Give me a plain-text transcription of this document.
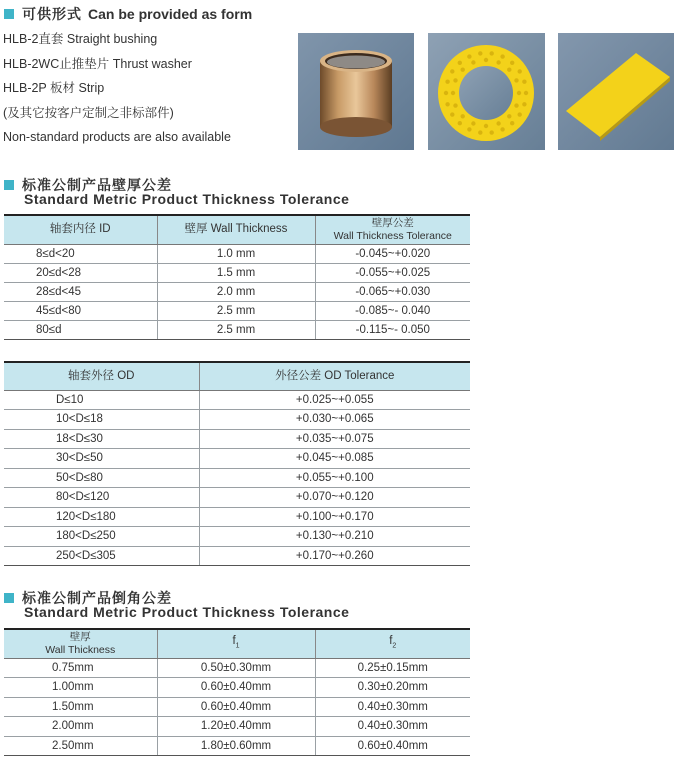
可供形式 Can be provided as form
HLB-2直套 Straight bushing
HLB-2WC止推垫片 Thrust washer
HLB-2P 板材 Strip
(及其它按客户定制之非标部件)
Non-standard products are also available
标准公制产品壁厚公差
Standard Metric Product Thickness Tolerance
轴套内径 ID	壁厚 Wall Thickness	壁厚公差
Wall Thickness Tolerance

8≤d<20	1.0 mm	-0.045~+0.020
20≤d<28	1.5 mm	-0.055~+0.025
28≤d<45	2.0 mm	-0.065~+0.030
45≤d<80	2.5 mm	-0.085~- 0.040
80≤d	2.5 mm	-0.115~- 0.050
轴套外径 OD	外径公差 OD Tolerance
D≤10	+0.025~+0.055
10<D≤18	+0.030~+0.065
18<D≤30	+0.035~+0.075
30<D≤50	+0.045~+0.085
50<D≤80	+0.055~+0.100
80<D≤120	+0.070~+0.120
120<D≤180	+0.100~+0.170
180<D≤250	+0.130~+0.210
250<D≤305	+0.170~+0.260
标准公制产品倒角公差
Standard Metric Product Thickness Tolerance
壁厚
Wall Thickness	$f_1$	$f_2$
0.75mm	0.50±0.30mm	0.25±0.15mm
1.00mm	0.60±0.40mm	0.30±0.20mm
1.50mm	0.60±0.40mm	0.40±0.30mm
2.00mm	1.20±0.40mm	0.40±0.30mm
2.50mm	1.80±0.60mm	0.60±0.40mm
